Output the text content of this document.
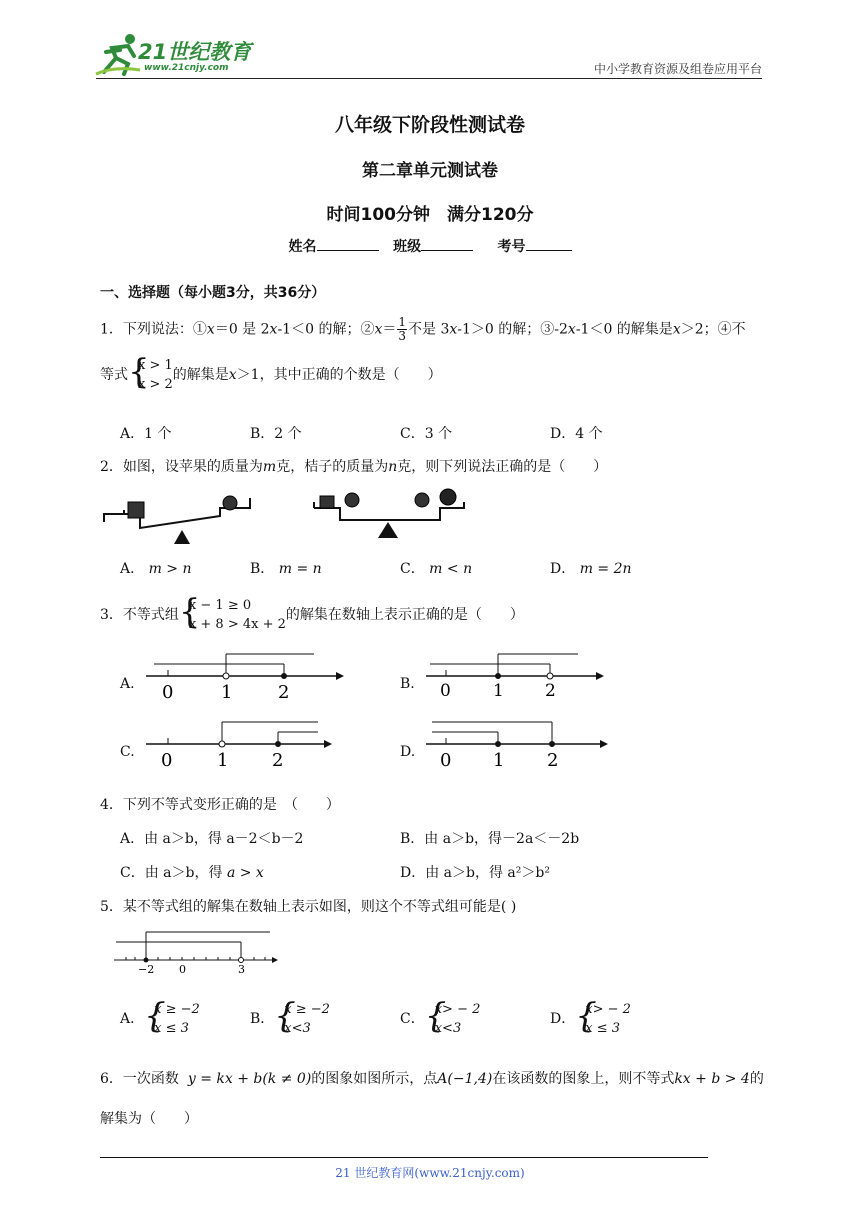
21世纪教育
www.21cnjy.com	中小学教育资源及组卷应用平台
八年级下阶段性测试卷
第二章单元测试卷
时间100分钟　满分120分
姓名	班级	考号
一、选择题（每小题3分，共36分）
1．下列说法：①x＝0 是 2x-1＜0 的解；②x＝ $\frac{1}{3}$ 不是 3x-1＞0 的解；③-2x-1＜0 的解集是x＞2；④不
等式
{ x > 1
x > 2
的解集是x＞1，其中正确的个数是（　　）
A．1 个	B．2 个	C．3 个	D．4 个
2．如图，设苹果的质量为m克，桔子的质量为n克，则下列说法正确的是（　　）
A． m > n	B． m = n	C． m < n	D． m = 2n
3．不等式组
{ x − 1 ≥ 0
x + 8 > 4x + 2
的解集在数轴上表示正确的是（　　）
A. 0	1	2	B. 0 1 2
C. 0 1 2	D. 0 1 2
4．下列不等式变形正确的是　（　　）
A．由 a＞b，得 a－2＜b－2	B．由 a＞b，得－2a＜－2b
C．由 a＞b，得 a > x	D．由 a＞b，得 a²＞b²
5．某不等式组的解集在数轴上表示如图，则这个不等式组可能是( )
−2 0	3
A．
{ x ≥ −2
x ≤ 3
B．
{ x ≥ −2
x<3
C．
{ x> − 2
x<3
D．
{ x> − 2
x ≤ 3
6．一次函数 y = kx + b(k ≠ 0)的图象如图所示，点A(−1,4)在该函数的图象上，则不等式kx + b > 4的
解集为（　　）
21 世纪教育网(www.21cnjy.com)
